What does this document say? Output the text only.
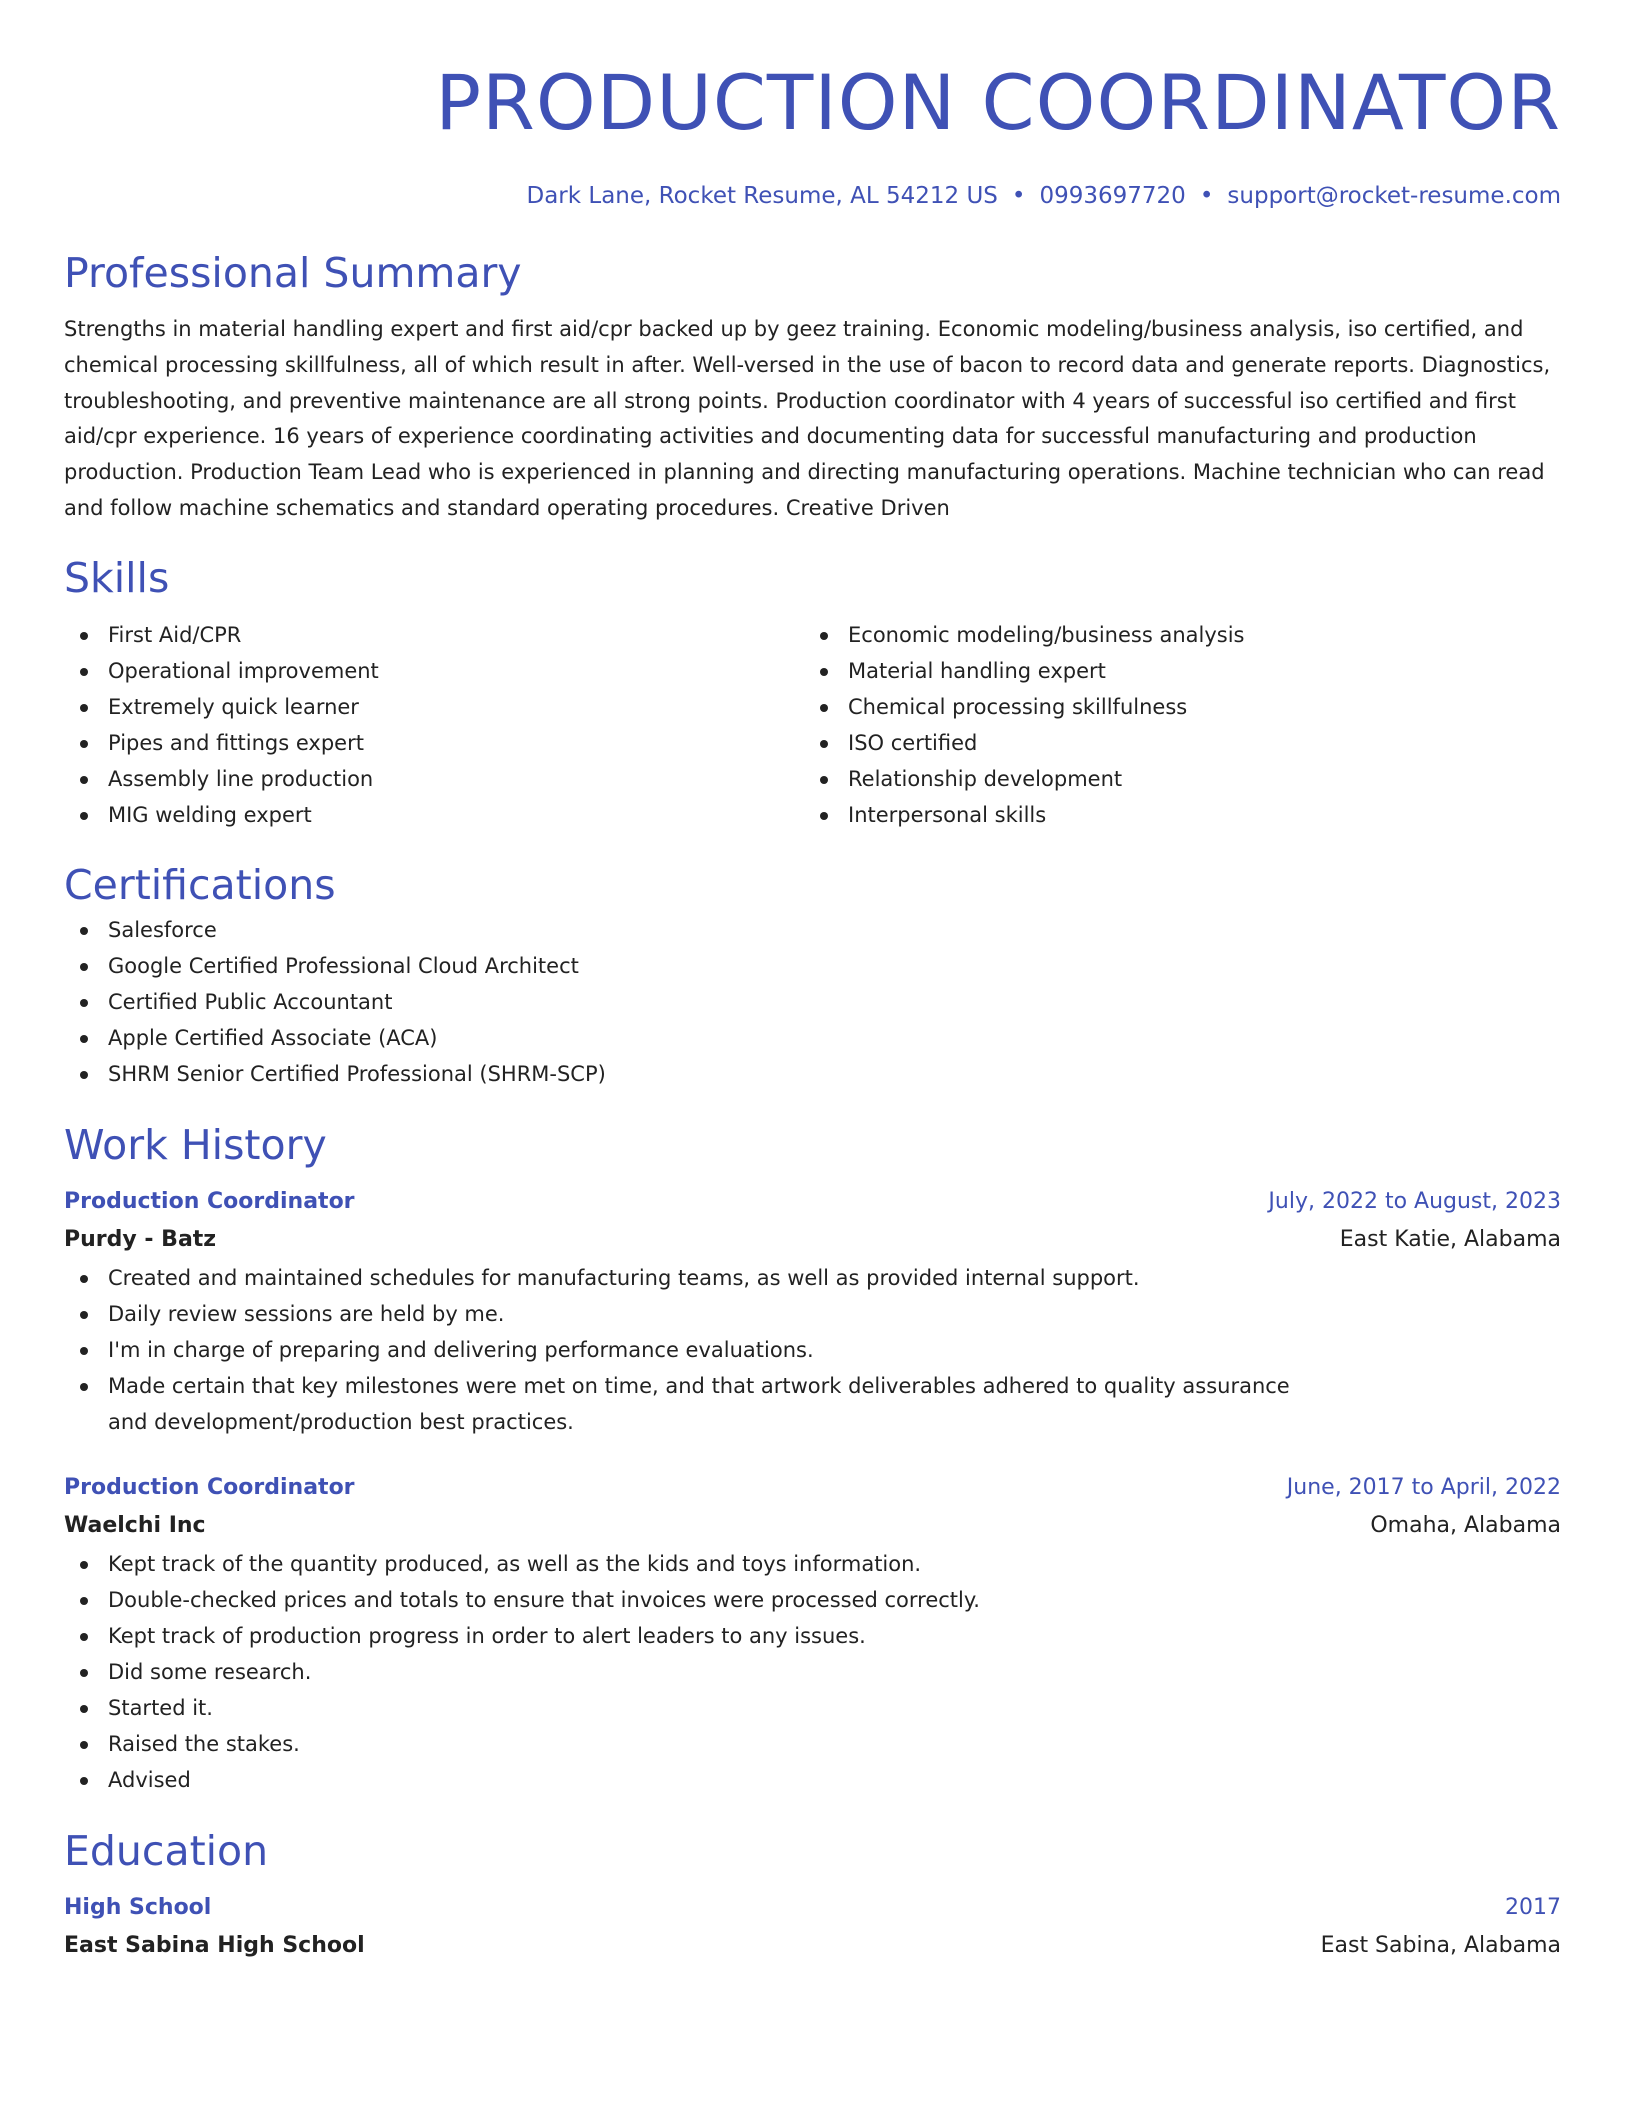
PRODUCTION COORDINATOR
Dark Lane, Rocket Resume, AL 54212 US • 0993697720 • support@rocket-resume.com
Professional Summary
Strengths in material handling expert and first aid/cpr backed up by geez training. Economic modeling/business analysis, iso certified, and chemical processing skillfulness, all of which result in after. Well-versed in the use of bacon to record data and generate reports. Diagnostics, troubleshooting, and preventive maintenance are all strong points. Production coordinator with 4 years of successful iso certified and first aid/cpr experience. 16 years of experience coordinating activities and documenting data for successful manufacturing and production production. Production Team Lead who is experienced in planning and directing manufacturing operations. Machine technician who can read and follow machine schematics and standard operating procedures. Creative Driven
Skills
First Aid/CPR
Operational improvement
Extremely quick learner
Pipes and fittings expert
Assembly line production
MIG welding expert
Economic modeling/business analysis
Material handling expert
Chemical processing skillfulness
ISO certified
Relationship development
Interpersonal skills
Certifications
Salesforce
Google Certified Professional Cloud Architect
Certified Public Accountant
Apple Certified Associate (ACA)
SHRM Senior Certified Professional (SHRM-SCP)
Work History
Production Coordinator	July, 2022 to August, 2023
Purdy - Batz	East Katie, Alabama
Created and maintained schedules for manufacturing teams, as well as provided internal support.
Daily review sessions are held by me.
I'm in charge of preparing and delivering performance evaluations.
Made certain that key milestones were met on time, and that artwork deliverables adhered to quality assurance and development/production best practices.
Production Coordinator	June, 2017 to April, 2022
Waelchi Inc	Omaha, Alabama
Kept track of the quantity produced, as well as the kids and toys information.
Double-checked prices and totals to ensure that invoices were processed correctly.
Kept track of production progress in order to alert leaders to any issues.
Did some research.
Started it.
Raised the stakes.
Advised
Education
High School	2017
East Sabina High School	East Sabina, Alabama
